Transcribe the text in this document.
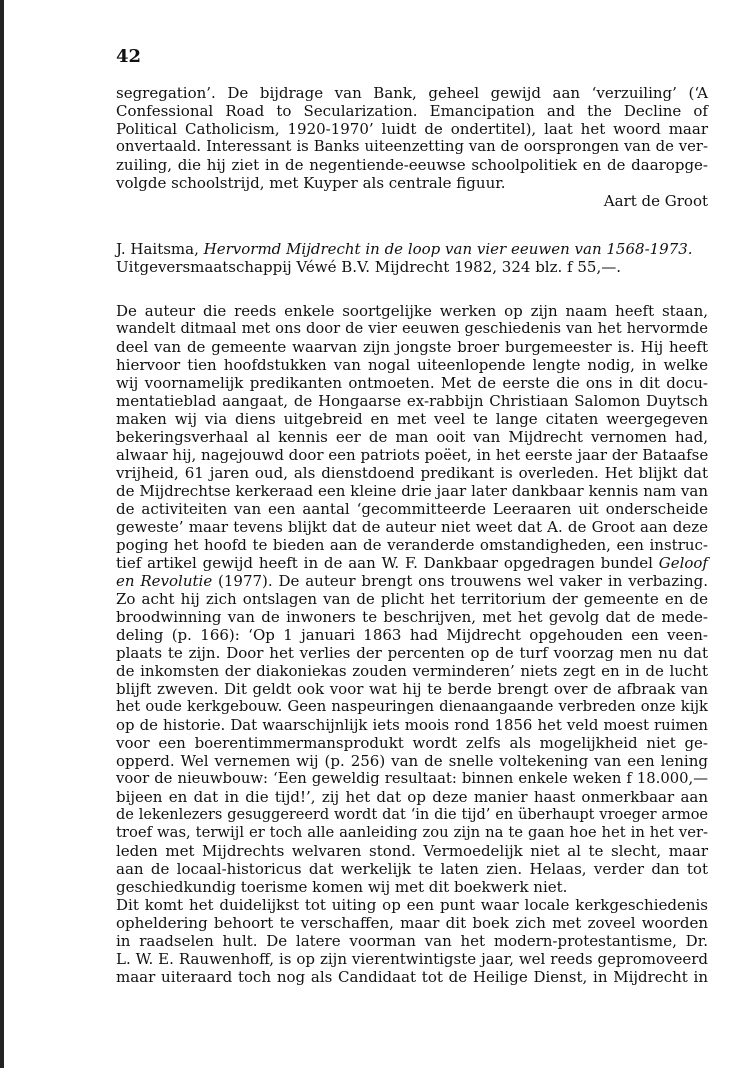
42
segregation’. De bijdrage van Bank, geheel gewijd aan ‘verzuiling’ (‘A
Confessional Road to Secularization. Emancipation and the Decline of
Political Catholicism, 1920-1970’ luidt de ondertitel), laat het woord maar
onvertaald. Interessant is Banks uiteenzetting van de oorsprongen van de ver-
zuiling, die hij ziet in de negentiende-eeuwse schoolpolitiek en de daaropge-
volgde schoolstrijd, met Kuyper als centrale figuur.
Aart de Groot
J. Haitsma, Hervormd Mijdrecht in de loop van vier eeuwen van 1568-1973.
Uitgeversmaatschappij Véwé B.V. Mijdrecht 1982, 324 blz. f 55,—.
De auteur die reeds enkele soortgelijke werken op zijn naam heeft staan,
wandelt ditmaal met ons door de vier eeuwen geschiedenis van het hervormde
deel van de gemeente waarvan zijn jongste broer burgemeester is. Hij heeft
hiervoor tien hoofdstukken van nogal uiteenlopende lengte nodig, in welke
wij voornamelijk predikanten ontmoeten. Met de eerste die ons in dit docu-
mentatieblad aangaat, de Hongaarse ex-rabbijn Christiaan Salomon Duytsch
maken wij via diens uitgebreid en met veel te lange citaten weergegeven
bekeringsverhaal al kennis eer de man ooit van Mijdrecht vernomen had,
alwaar hij, nagejouwd door een patriots poëet, in het eerste jaar der Bataafse
vrijheid, 61 jaren oud, als dienstdoend predikant is overleden. Het blijkt dat
de Mijdrechtse kerkeraad een kleine drie jaar later dankbaar kennis nam van
de activiteiten van een aantal ‘gecommitteerde Leeraaren uit onderscheide
geweste’ maar tevens blijkt dat de auteur niet weet dat A. de Groot aan deze
poging het hoofd te bieden aan de veranderde omstandigheden, een instruc-
tief artikel gewijd heeft in de aan W. F. Dankbaar opgedragen bundel Geloof
en Revolutie (1977). De auteur brengt ons trouwens wel vaker in verbazing.
Zo acht hij zich ontslagen van de plicht het territorium der gemeente en de
broodwinning van de inwoners te beschrijven, met het gevolg dat de mede-
deling (p. 166): ‘Op 1 januari 1863 had Mijdrecht opgehouden een veen-
plaats te zijn. Door het verlies der percenten op de turf voorzag men nu dat
de inkomsten der diakoniekas zouden verminderen’ niets zegt en in de lucht
blijft zweven. Dit geldt ook voor wat hij te berde brengt over de afbraak van
het oude kerkgebouw. Geen naspeuringen dienaangaande verbreden onze kijk
op de historie. Dat waarschijnlijk iets moois rond 1856 het veld moest ruimen
voor een boerentimmermansprodukt wordt zelfs als mogelijkheid niet ge-
opperd. Wel vernemen wij (p. 256) van de snelle voltekening van een lening
voor de nieuwbouw: ‘Een geweldig resultaat: binnen enkele weken f 18.000,—
bijeen en dat in die tijd!’, zij het dat op deze manier haast onmerkbaar aan
de lekenlezers gesuggereerd wordt dat ‘in die tijd’ en überhaupt vroeger armoe
troef was, terwijl er toch alle aanleiding zou zijn na te gaan hoe het in het ver-
leden met Mijdrechts welvaren stond. Vermoedelijk niet al te slecht, maar
aan de locaal-historicus dat werkelijk te laten zien. Helaas, verder dan tot
geschiedkundig toerisme komen wij met dit boekwerk niet.
Dit komt het duidelijkst tot uiting op een punt waar locale kerkgeschiedenis
opheldering behoort te verschaffen, maar dit boek zich met zoveel woorden
in raadselen hult. De latere voorman van het modern-protestantisme, Dr.
L. W. E. Rauwenhoff, is op zijn vierentwintigste jaar, wel reeds gepromoveerd
maar uiteraard toch nog als Candidaat tot de Heilige Dienst, in Mijdrecht in
